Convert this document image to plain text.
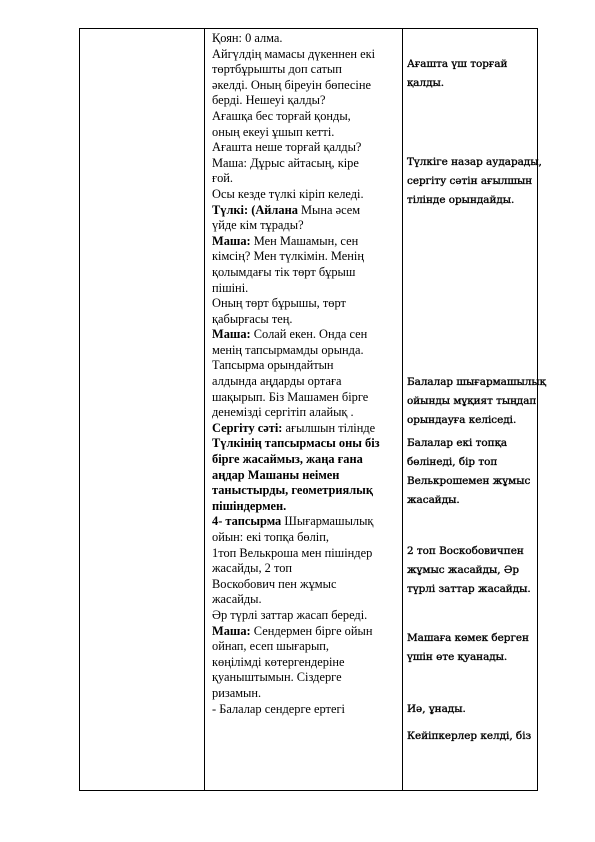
Қоян: 0 алма.
Айгүлдің мамасы дүкеннен екі
төртбұрышты доп сатып
әкелді. Оның біреуін бөпесіне
берді. Нешеуі қалды?
Ағашқа бес торғай қонды,
оның екеуі ұшып кетті.
Ағашта неше торғай қалды?
Маша: Дұрыс айтасың, кіре
ғой.
Осы кезде түлкі кіріп келеді.
Түлкі: (Айлана Мына әсем
үйде кім тұрады?
Маша: Мен Машамын, сен
кімсің? Мен түлкімін. Менің
қолымдағы тік төрт бұрыш
пішіні.
Оның төрт бұрышы, төрт
қабырғасы тең.
Маша: Солай екен. Онда сен
менің тапсырмамды орында.
Тапсырма орындайтын
алдында аңдарды ортаға
шақырып. Біз Машамен бірге
денемізді сергітіп алайық .
Сергіту сәті: ағылшын тілінде
Түлкінің тапсырмасы оны біз
бірге жасаймыз, жаңа ғана
аңдар Машаны неімен
таныстырды, геометриялық
пішіндермен.
4- тапсырма Шығармашылық
ойын: екі топқа бөліп,
1топ Велькроша мен пішіндер
жасайды, 2 топ
Воскобович пен жұмыс
жасайды.
Әр түрлі заттар жасап береді.
Маша: Сендермен бірге ойын
ойнап, есеп шығарып,
көңілімді көтергендеріне
қуаныштымын. Сіздерге
ризамын.
- Балалар сендерге ертегі
Ағашта үш торғай
қалды.
Түлкіге назар аударады,
сергіту сәтін ағылшын
тілінде орындайды.
Балалар шығармашылық
ойынды мұқият тыңдап
орындауға келіседі.
Балалар екі топқа
бөлінеді, бір топ
Велькрошемен жұмыс
жасайды.
2 топ Воскобовичпен
жұмыс жасайды, Әр
түрлі заттар жасайды.
Машаға көмек берген
үшін өте қуанады.
Иә, ұнады.
Кейіпкерлер келді, біз
